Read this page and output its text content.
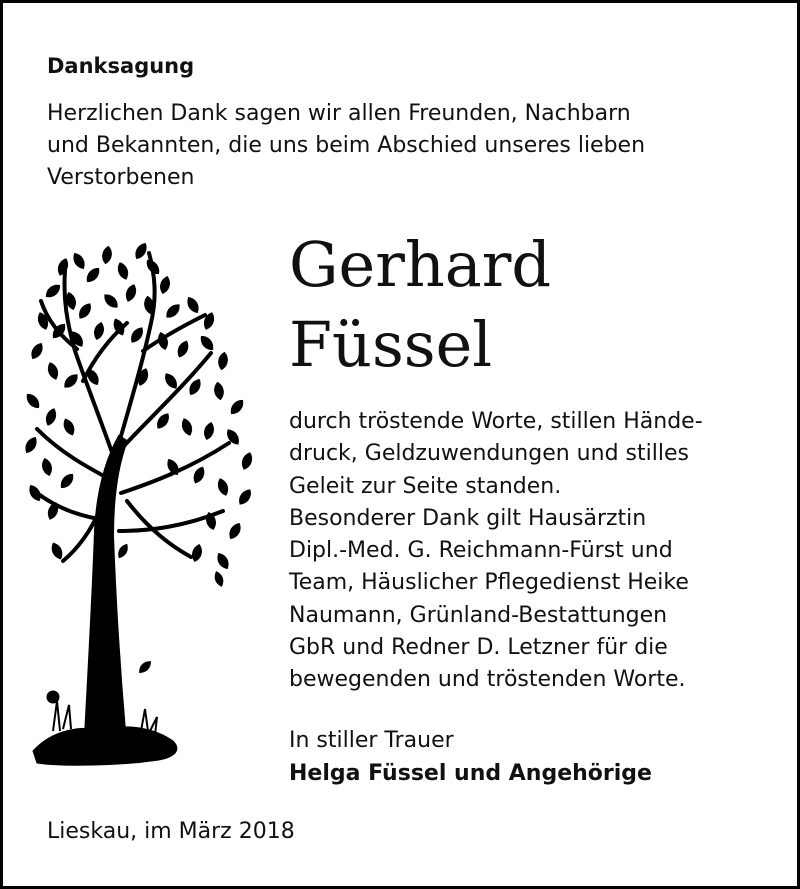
Danksagung
Herzlichen Dank sagen wir allen Freunden, Nachbarn
und Bekannten, die uns beim Abschied unseres lieben
Verstorbenen
Gerhard
Füssel
durch tröstende Worte, stillen Hände-
druck, Geldzuwendungen und stilles
Geleit zur Seite standen.
Besonderer Dank gilt Hausärztin
Dipl.-Med. G. Reichmann-Fürst und
Team, Häuslicher Pflegedienst Heike
Naumann, Grünland-Bestattungen
GbR und Redner D. Letzner für die
bewegenden und tröstenden Worte.
In stiller Trauer
Helga Füssel und Angehörige
Lieskau, im März 2018
